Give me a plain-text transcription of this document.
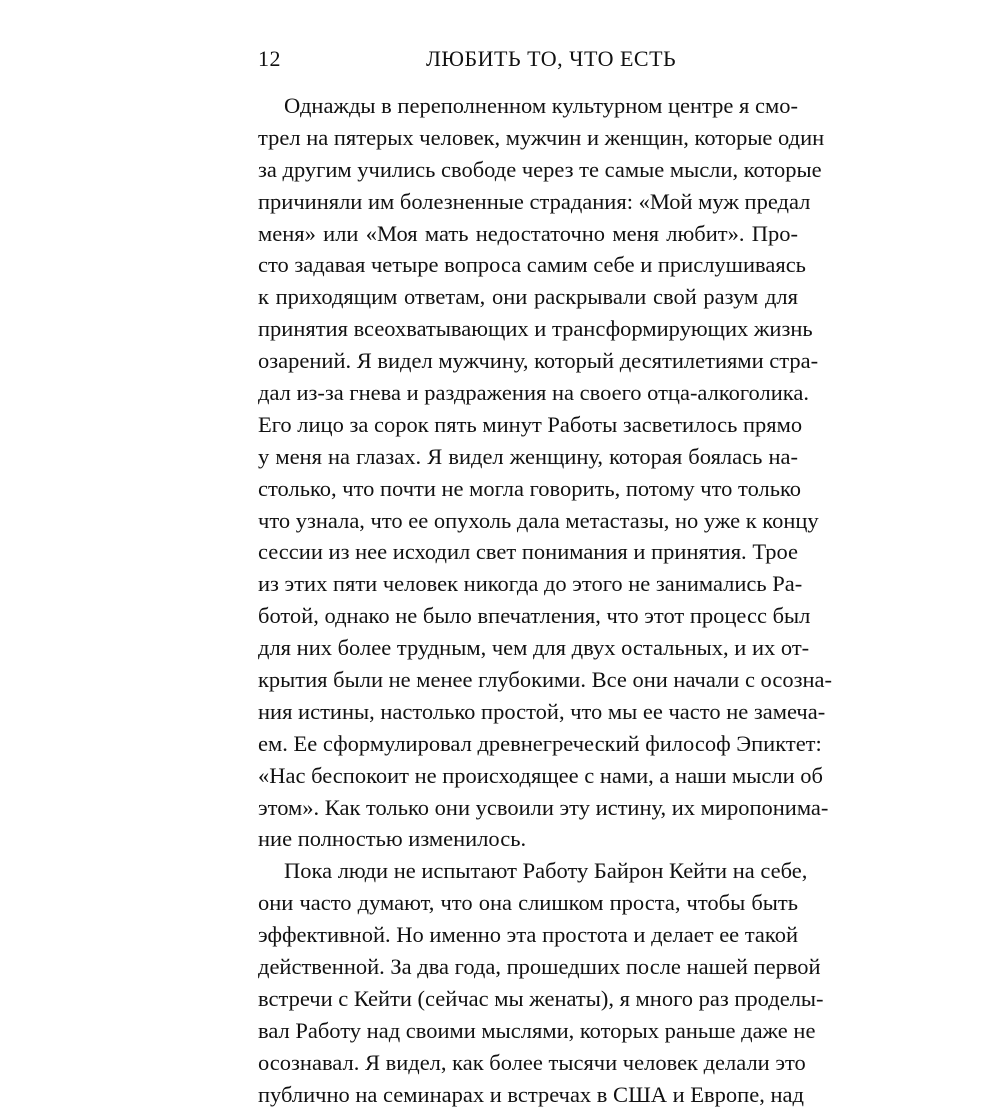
12	ЛЮБИТЬ ТО, ЧТО ЕСТЬ
Однажды в переполненном культурном центре я смо-
трел на пятерых человек, мужчин и женщин, которые один
за другим учились свободе через те самые мысли, которые
причиняли им болезненные страдания: «Мой муж предал
меня» или «Моя мать недостаточно меня любит». Про-
сто задавая четыре вопроса самим себе и прислушиваясь
к приходящим ответам, они раскрывали свой разум для
принятия всеохватывающих и трансформирующих жизнь
озарений. Я видел мужчину, который десятилетиями стра-
дал из-за гнева и раздражения на своего отца-алкоголика.
Его лицо за сорок пять минут Работы засветилось прямо
у меня на глазах. Я видел женщину, которая боялась на-
столько, что почти не могла говорить, потому что только
что узнала, что ее опухоль дала метастазы, но уже к концу
сессии из нее исходил свет понимания и принятия. Трое
из этих пяти человек никогда до этого не занимались Ра-
ботой, однако не было впечатления, что этот процесс был
для них более трудным, чем для двух остальных, и их от-
крытия были не менее глубокими. Все они начали с осозна-
ния истины, настолько простой, что мы ее часто не замеча-
ем. Ее сформулировал древнегреческий философ Эпиктет:
«Нас беспокоит не происходящее с нами, а наши мысли об
этом». Как только они усвоили эту истину, их миропонима-
ние полностью изменилось.
Пока люди не испытают Работу Байрон Кейти на себе,
они часто думают, что она слишком проста, чтобы быть
эффективной. Но именно эта простота и делает ее такой
действенной. За два года, прошедших после нашей первой
встречи с Кейти (сейчас мы женаты), я много раз проделы-
вал Работу над своими мыслями, которых раньше даже не
осознавал. Я видел, как более тысячи человек делали это
публично на семинарах и встречах в США и Европе, над
